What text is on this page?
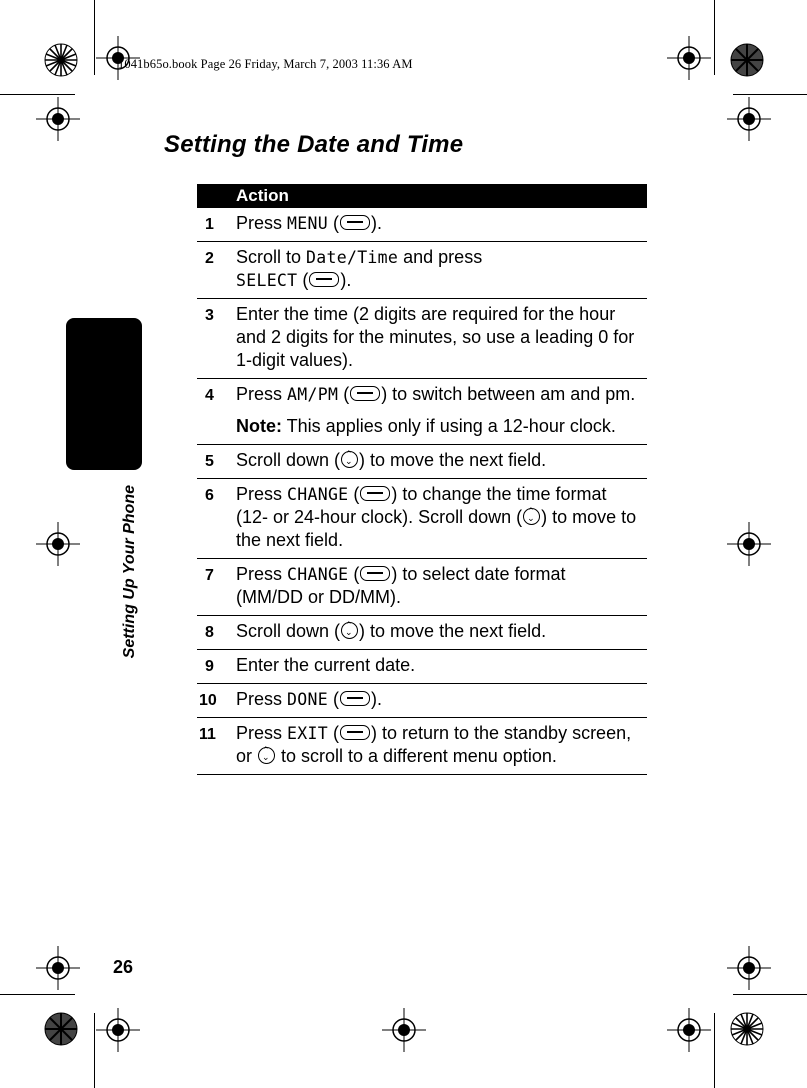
1041b65o.book Page 26 Friday, March 7, 2003 11:36 AM
Setting Up Your Phone
Setting the Date and Time
Action
1 Press MENU ( ).
2 Scroll to Date/Time and press
SELECT ( ).
3 Enter the time (2 digits are required for the hour and 2 digits for the minutes, so use a leading 0 for 1-digit values).
4 Press AM/PM ( ) to switch between am and pm.
Note: This applies only if using a 12-hour clock.
5 Scroll down ( ⌃ ⌄ ) to move the next field.
6 Press CHANGE ( ) to change the time format (12- or 24-hour clock). Scroll down ( ⌃ ⌄ ) to move to the next field.
7 Press CHANGE ( ) to select date format (MM/DD or DD/MM).
8 Scroll down ( ⌃ ⌄ ) to move the next field.
9 Enter the current date.
10 Press DONE ( ).
11 Press EXIT ( ) to return to the standby screen, or ⌃ ⌄ to scroll to a different menu option.
26
